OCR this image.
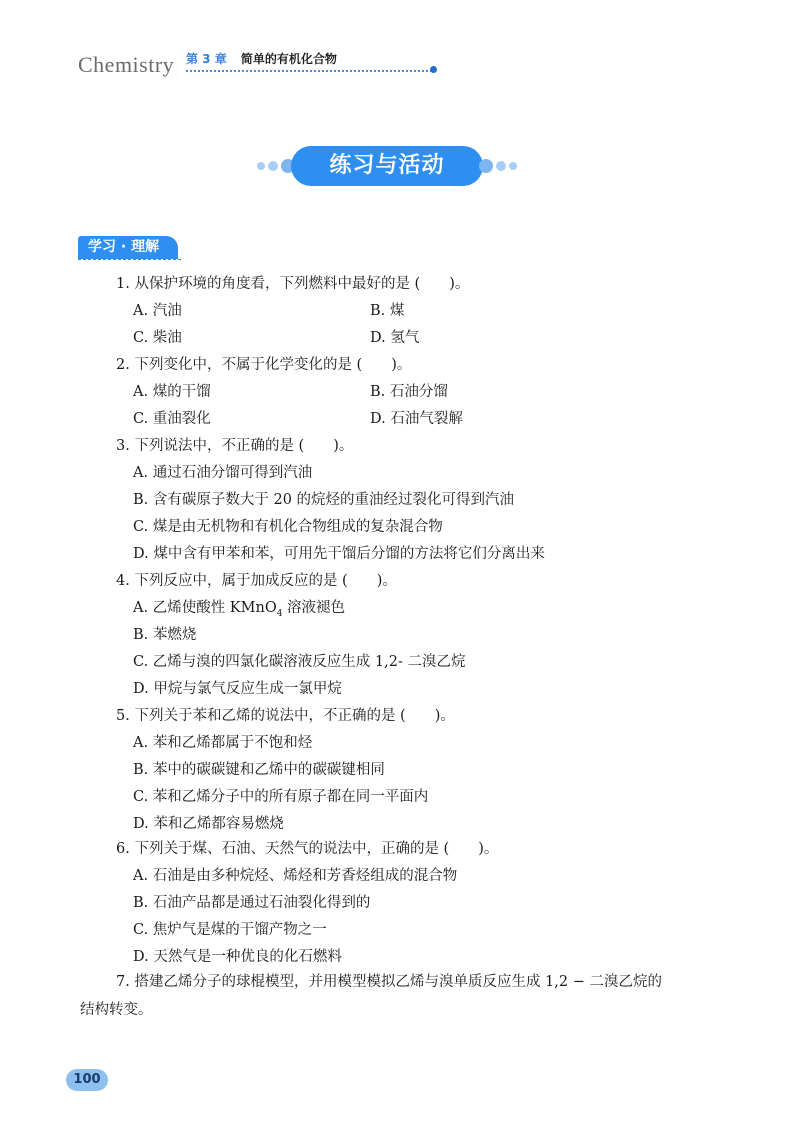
Chemistry 第 3 章 简单的有机化合物
练习与活动
学习 · 理解
1. 从保护环境的角度看，下列燃料中最好的是 (　　)。
A. 汽油	B. 煤
C. 柴油	D. 氢气
2. 下列变化中，不属于化学变化的是 (　　)。
A. 煤的干馏	B. 石油分馏
C. 重油裂化	D. 石油气裂解
3. 下列说法中，不正确的是 (　　)。
A. 通过石油分馏可得到汽油
B. 含有碳原子数大于 20 的烷烃的重油经过裂化可得到汽油
C. 煤是由无机物和有机化合物组成的复杂混合物
D. 煤中含有甲苯和苯，可用先干馏后分馏的方法将它们分离出来
4. 下列反应中，属于加成反应的是 (　　)。
A. 乙烯使酸性 KMnO$_4$ 溶液褪色
B. 苯燃烧
C. 乙烯与溴的四氯化碳溶液反应生成 1,2- 二溴乙烷
D. 甲烷与氯气反应生成一氯甲烷
5. 下列关于苯和乙烯的说法中，不正确的是 (　　)。
A. 苯和乙烯都属于不饱和烃
B. 苯中的碳碳键和乙烯中的碳碳键相同
C. 苯和乙烯分子中的所有原子都在同一平面内
D. 苯和乙烯都容易燃烧
6. 下列关于煤、石油、天然气的说法中，正确的是 (　　)。
A. 石油是由多种烷烃、烯烃和芳香烃组成的混合物
B. 石油产品都是通过石油裂化得到的
C. 焦炉气是煤的干馏产物之一
D. 天然气是一种优良的化石燃料
7. 搭建乙烯分子的球棍模型，并用模型模拟乙烯与溴单质反应生成 1,2 − 二溴乙烷的
结构转变。
100
